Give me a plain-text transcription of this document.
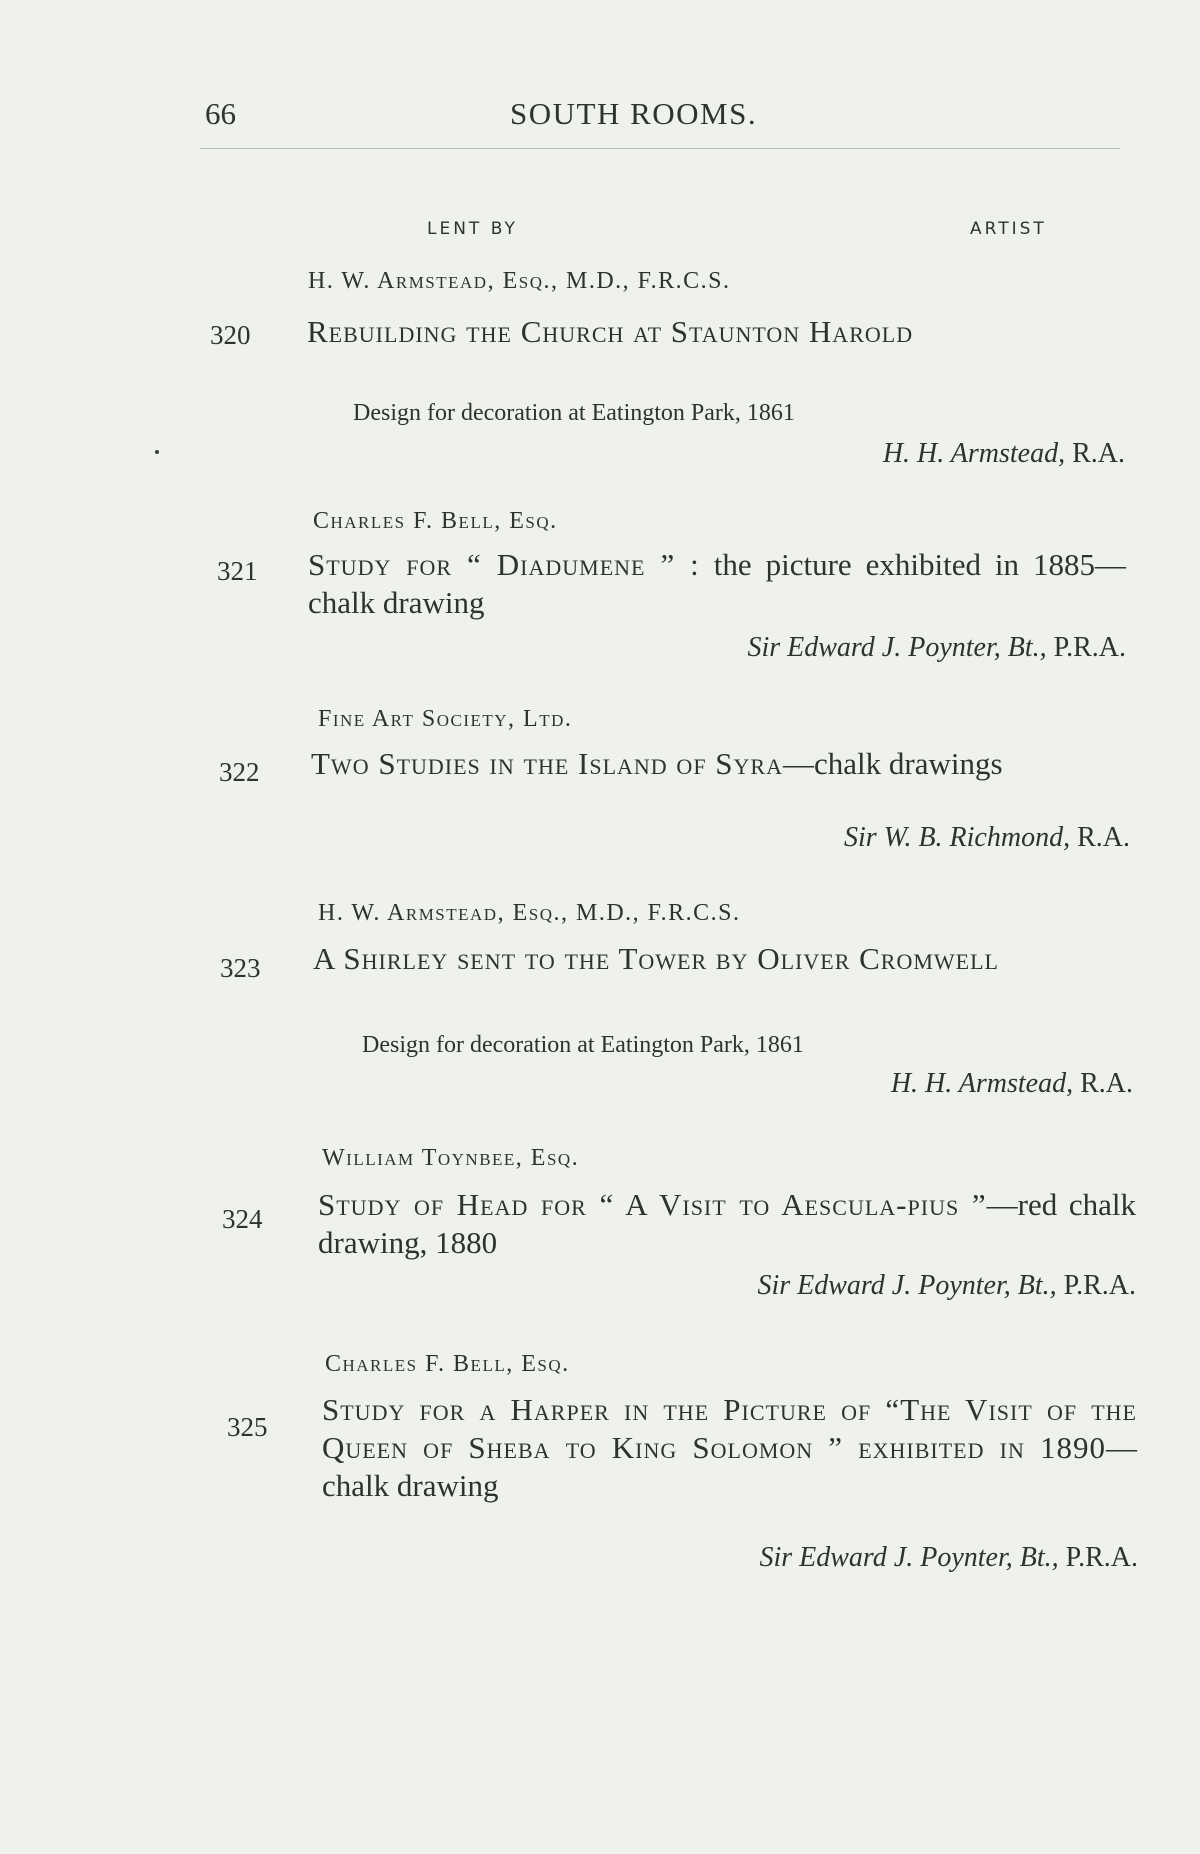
66	SOUTH ROOMS.
LENT BY	ARTIST
H. W. Armstead, Esq., M.D., F.R.C.S.
320 Rebuilding the Church at Staunton Harold
Design for decoration at Eatington Park, 1861
H. H. Armstead, R.A.
Charles F. Bell, Esq.
321 Study for “ Diadumene ” : the picture exhibited in 1885—chalk drawing
Sir Edward J. Poynter, Bt., P.R.A.
Fine Art Society, Ltd.
322 Two Studies in the Island of Syra—chalk drawings
Sir W. B. Richmond, R.A.
H. W. Armstead, Esq., M.D., F.R.C.S.
323 A Shirley sent to the Tower by Oliver Cromwell
Design for decoration at Eatington Park, 1861
H. H. Armstead, R.A.
William Toynbee, Esq.
324 Study of Head for “ A Visit to Aescula-pius ”—red chalk drawing, 1880
Sir Edward J. Poynter, Bt., P.R.A.
Charles F. Bell, Esq.
325 Study for a Harper in the Picture of “The Visit of the Queen of Sheba to King Solomon ” exhibited in 1890—chalk drawing
Sir Edward J. Poynter, Bt., P.R.A.
